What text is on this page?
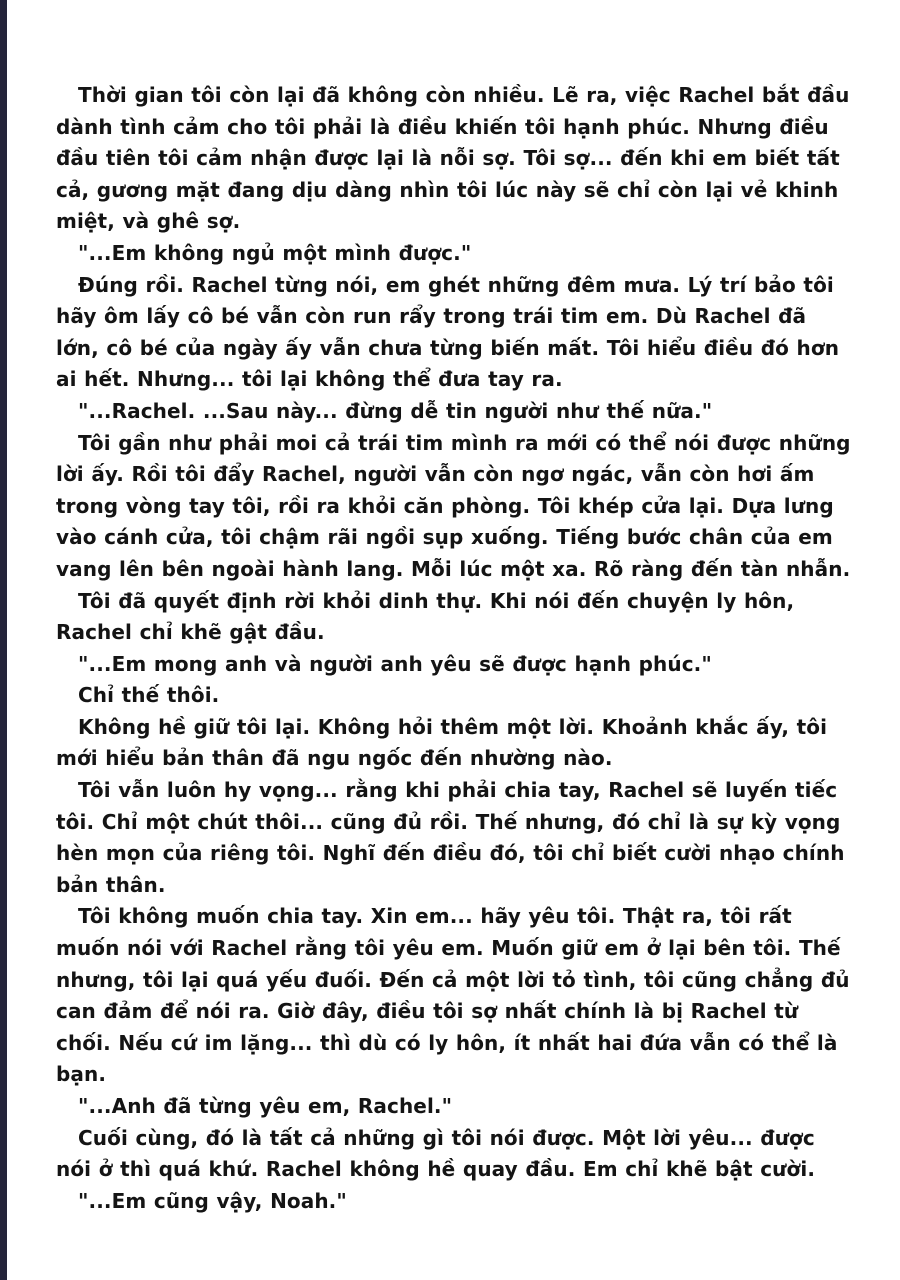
Thời gian tôi còn lại đã không còn nhiều. Lẽ ra, việc Rachel bắt đầu dành tình cảm cho tôi phải là điều khiến tôi hạnh phúc. Nhưng điều đầu tiên tôi cảm nhận được lại là nỗi sợ. Tôi sợ... đến khi em biết tất cả, gương mặt đang dịu dàng nhìn tôi lúc này sẽ chỉ còn lại vẻ khinh miệt, và ghê sợ.

"...Em không ngủ một mình được."

Đúng rồi. Rachel từng nói, em ghét những đêm mưa. Lý trí bảo tôi hãy ôm lấy cô bé vẫn còn run rẩy trong trái tim em. Dù Rachel đã lớn, cô bé của ngày ấy vẫn chưa từng biến mất. Tôi hiểu điều đó hơn ai hết. Nhưng... tôi lại không thể đưa tay ra.

"...Rachel. ...Sau này... đừng dễ tin người như thế nữa."

Tôi gần như phải moi cả trái tim mình ra mới có thể nói được những lời ấy. Rồi tôi đẩy Rachel, người vẫn còn ngơ ngác, vẫn còn hơi ấm trong vòng tay tôi, rồi ra khỏi căn phòng. Tôi khép cửa lại. Dựa lưng vào cánh cửa, tôi chậm rãi ngồi sụp xuống. Tiếng bước chân của em vang lên bên ngoài hành lang. Mỗi lúc một xa. Rõ ràng đến tàn nhẫn.

Tôi đã quyết định rời khỏi dinh thự. Khi nói đến chuyện ly hôn, Rachel chỉ khẽ gật đầu.

"...Em mong anh và người anh yêu sẽ được hạnh phúc."

Chỉ thế thôi.

Không hề giữ tôi lại. Không hỏi thêm một lời. Khoảnh khắc ấy, tôi mới hiểu bản thân đã ngu ngốc đến nhường nào.

Tôi vẫn luôn hy vọng... rằng khi phải chia tay, Rachel sẽ luyến tiếc tôi. Chỉ một chút thôi... cũng đủ rồi. Thế nhưng, đó chỉ là sự kỳ vọng hèn mọn của riêng tôi. Nghĩ đến điều đó, tôi chỉ biết cười nhạo chính bản thân.

Tôi không muốn chia tay. Xin em... hãy yêu tôi. Thật ra, tôi rất muốn nói với Rachel rằng tôi yêu em. Muốn giữ em ở lại bên tôi. Thế nhưng, tôi lại quá yếu đuối. Đến cả một lời tỏ tình, tôi cũng chẳng đủ can đảm để nói ra. Giờ đây, điều tôi sợ nhất chính là bị Rachel từ chối. Nếu cứ im lặng... thì dù có ly hôn, ít nhất hai đứa vẫn có thể là bạn.

"...Anh đã từng yêu em, Rachel."

Cuối cùng, đó là tất cả những gì tôi nói được. Một lời yêu... được nói ở thì quá khứ. Rachel không hề quay đầu. Em chỉ khẽ bật cười.

"...Em cũng vậy, Noah."
